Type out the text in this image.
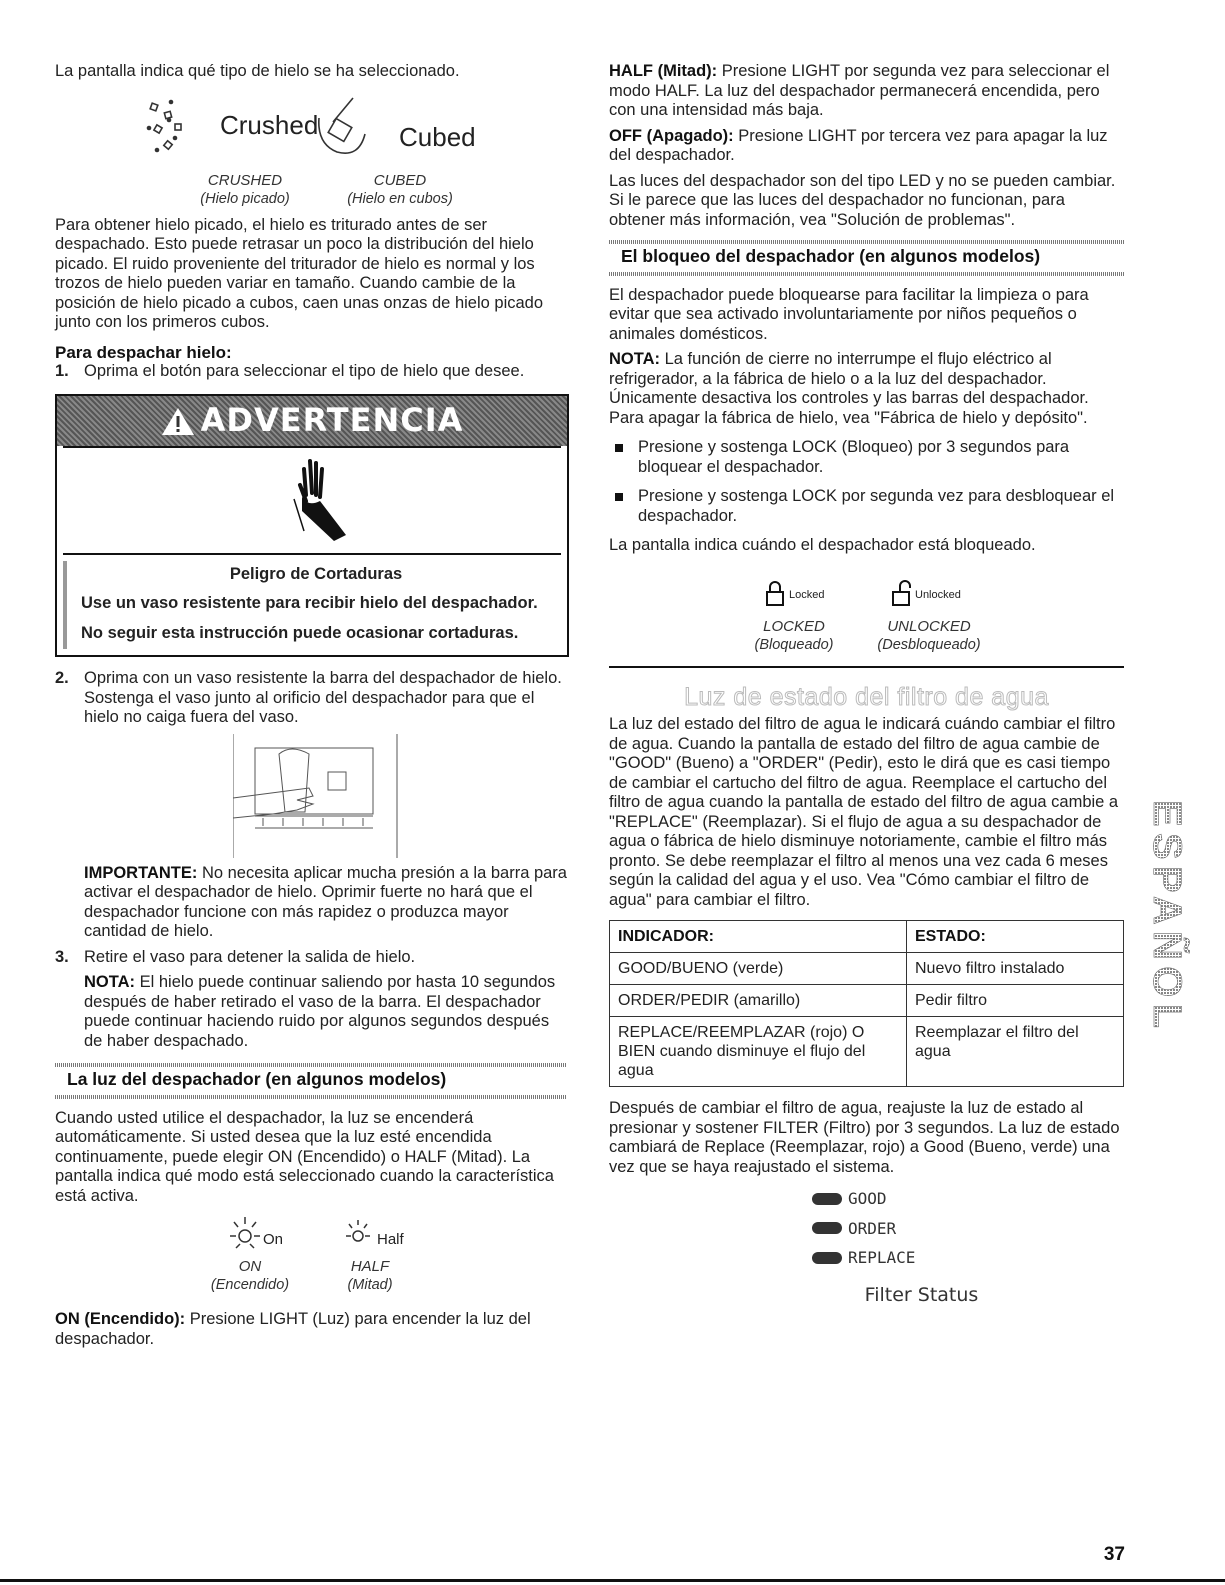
La pantalla indica qué tipo de hielo se ha seleccionado.

Crushed	Cubed
CRUSHED
(Hielo picado)
CUBED
(Hielo en cubos)

Para obtener hielo picado, el hielo es triturado antes de ser despachado. Esto puede retrasar un poco la distribución del hielo picado. El ruido proveniente del triturador de hielo es normal y los trozos de hielo pueden variar en tamaño. Cuando cambie de la posición de hielo picado a cubos, caen unas onzas de hielo picado junto con los primeros cubos.

Para despachar hielo:
1. Oprima el botón para seleccionar el tipo de hielo que desee.
ADVERTENCIA
Peligro de Cortaduras

Use un vaso resistente para recibir hielo del despachador.

No seguir esta instrucción puede ocasionar cortaduras.

2. Oprima con un vaso resistente la barra del despachador de hielo. Sostenga el vaso junto al orificio del despachador para que el hielo no caiga fuera del vaso.

IMPORTANTE: No necesita aplicar mucha presión a la barra para activar el despachador de hielo. Oprimir fuerte no hará que el despachador funcione con más rapidez o produzca mayor cantidad de hielo.

3. Retire el vaso para detener la salida de hielo.

NOTA: El hielo puede continuar saliendo por hasta 10 segundos después de haber retirado el vaso de la barra. El despachador puede continuar haciendo ruido por algunos segundos después de haber despachado.

La luz del despachador (en algunos modelos)

Cuando usted utilice el despachador, la luz se encenderá automáticamente. Si usted desea que la luz esté encendida continuamente, puede elegir ON (Encendido) o HALF (Mitad). La pantalla indica qué modo está seleccionado cuando la característica está activa.

On	Half
ON
(Encendido)
HALF
(Mitad)

ON (Encendido): Presione LIGHT (Luz) para encender la luz del despachador.

HALF (Mitad): Presione LIGHT por segunda vez para seleccionar el modo HALF. La luz del despachador permanecerá encendida, pero con una intensidad más baja.

OFF (Apagado): Presione LIGHT por tercera vez para apagar la luz del despachador.

Las luces del despachador son del tipo LED y no se pueden cambiar. Si le parece que las luces del despachador no funcionan, para obtener más información, vea "Solución de problemas".

El bloqueo del despachador (en algunos modelos)

El despachador puede bloquearse para facilitar la limpieza o para evitar que sea activado involuntariamente por niños pequeños o animales domésticos.

NOTA: La función de cierre no interrumpe el flujo eléctrico al refrigerador, a la fábrica de hielo o a la luz del despachador. Únicamente desactiva los controles y las barras del despachador. Para apagar la fábrica de hielo, vea "Fábrica de hielo y depósito".

Presione y sostenga LOCK (Bloqueo) por 3 segundos para bloquear el despachador.
Presione y sostenga LOCK por segunda vez para desbloquear el despachador.

La pantalla indica cuándo el despachador está bloqueado.

Locked	Unlocked
LOCKED
(Bloqueado)
UNLOCKED
(Desbloqueado)
Luz de estado del filtro de agua

La luz del estado del filtro de agua le indicará cuándo cambiar el filtro de agua. Cuando la pantalla de estado del filtro de agua cambie de "GOOD" (Bueno) a "ORDER" (Pedir), esto le dirá que es casi tiempo de cambiar el cartucho del filtro de agua. Reemplace el cartucho del filtro de agua cuando la pantalla de estado del filtro de agua cambie a "REPLACE" (Reemplazar). Si el flujo de agua a su despachador de agua o fábrica de hielo disminuye notoriamente, cambie el filtro más pronto. Se debe reemplazar el filtro al menos una vez cada 6 meses según la calidad del agua y el uso. Vea "Cómo cambiar el filtro de agua" para cambiar el filtro.

INDICADOR:	ESTADO:
GOOD/BUENO (verde)	Nuevo filtro instalado
ORDER/PEDIR (amarillo)	Pedir filtro
REPLACE/REEMPLAZAR (rojo) O BIEN cuando disminuye el flujo del agua	Reemplazar el filtro del agua

Después de cambiar el filtro de agua, reajuste la luz de estado al presionar y sostener FILTER (Filtro) por 3 segundos. La luz de estado cambiará de Replace (Reemplazar, rojo) a Good (Bueno, verde) una vez que se haya reajustado el sistema.

GOOD
ORDER
REPLACE
Filter Status
ESPAÑOL
37
